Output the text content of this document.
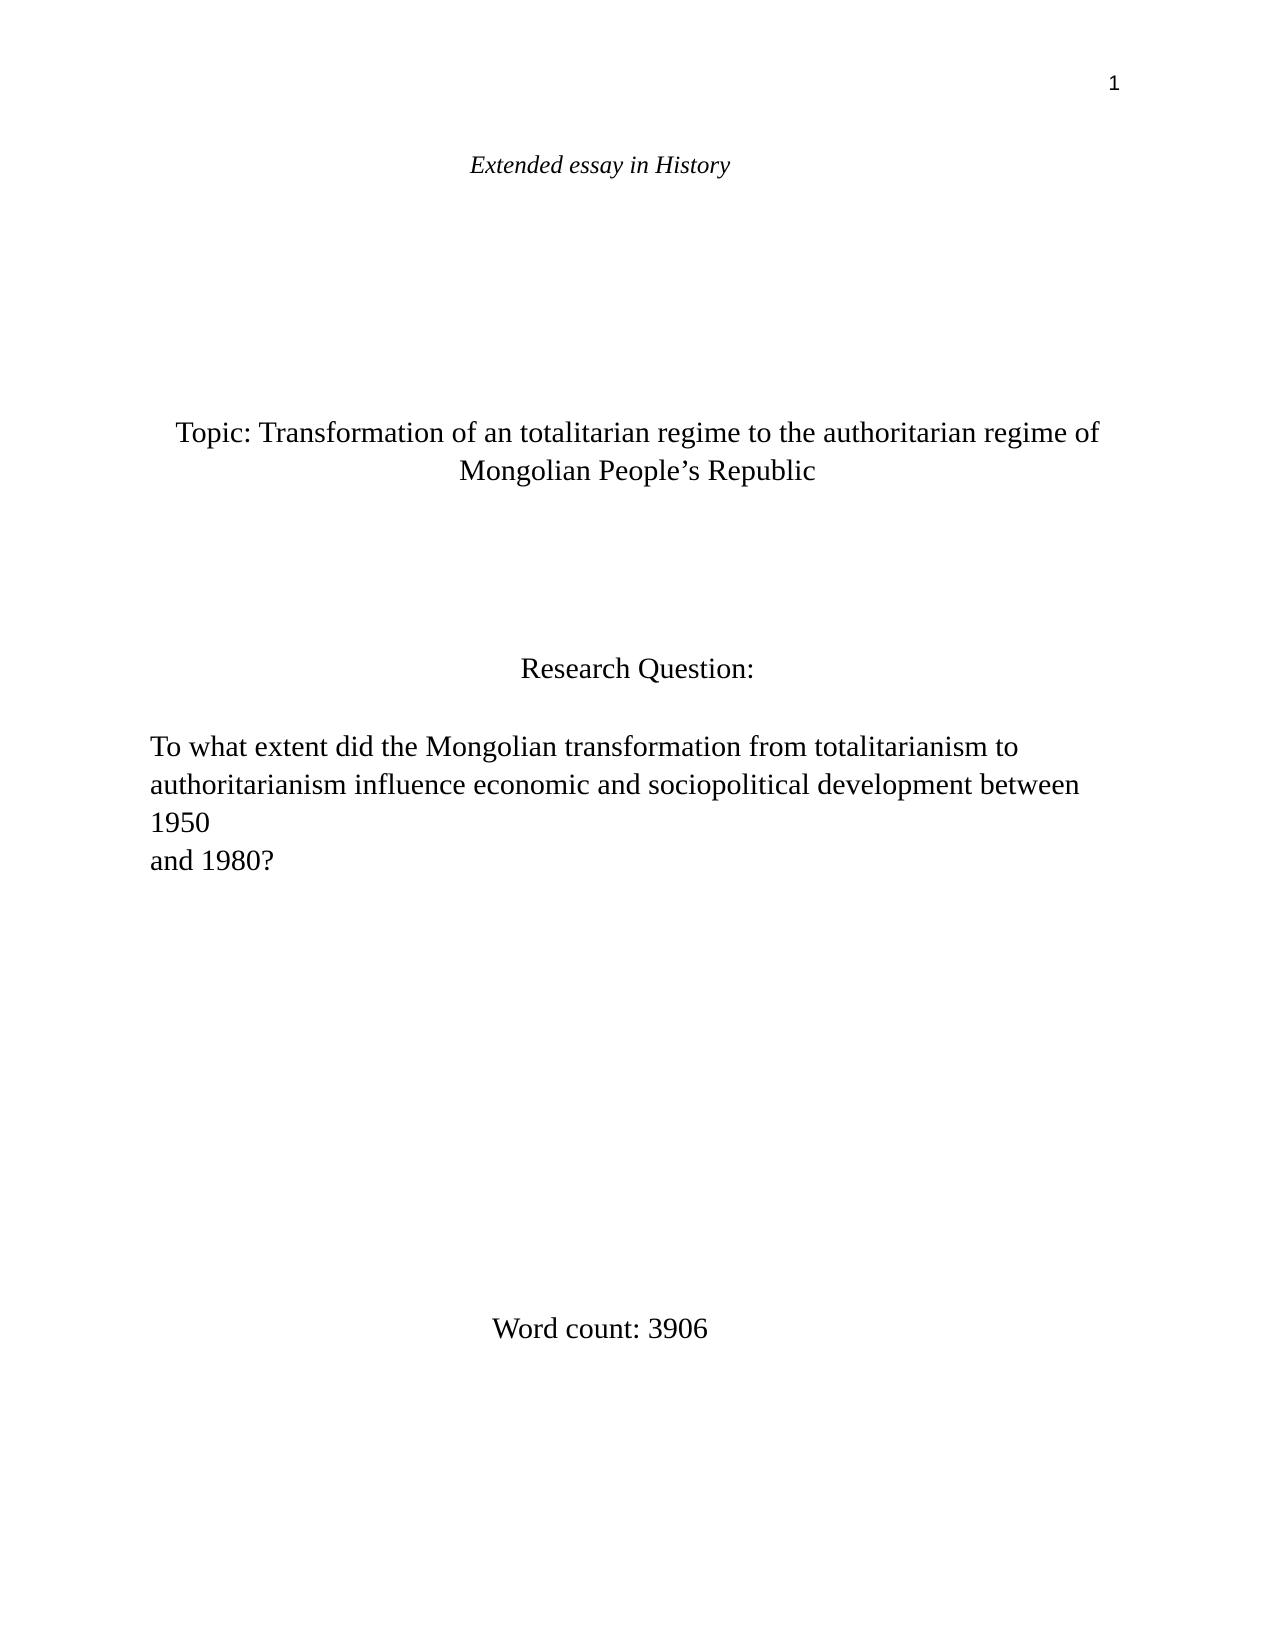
1
Extended essay in History
Topic: Transformation of an totalitarian regime to the authoritarian regime of
Mongolian People’s Republic
Research Question:
To what extent did the Mongolian transformation from totalitarianism to
authoritarianism influence economic and sociopolitical development between 1950
and 1980?
Word count: 3906
